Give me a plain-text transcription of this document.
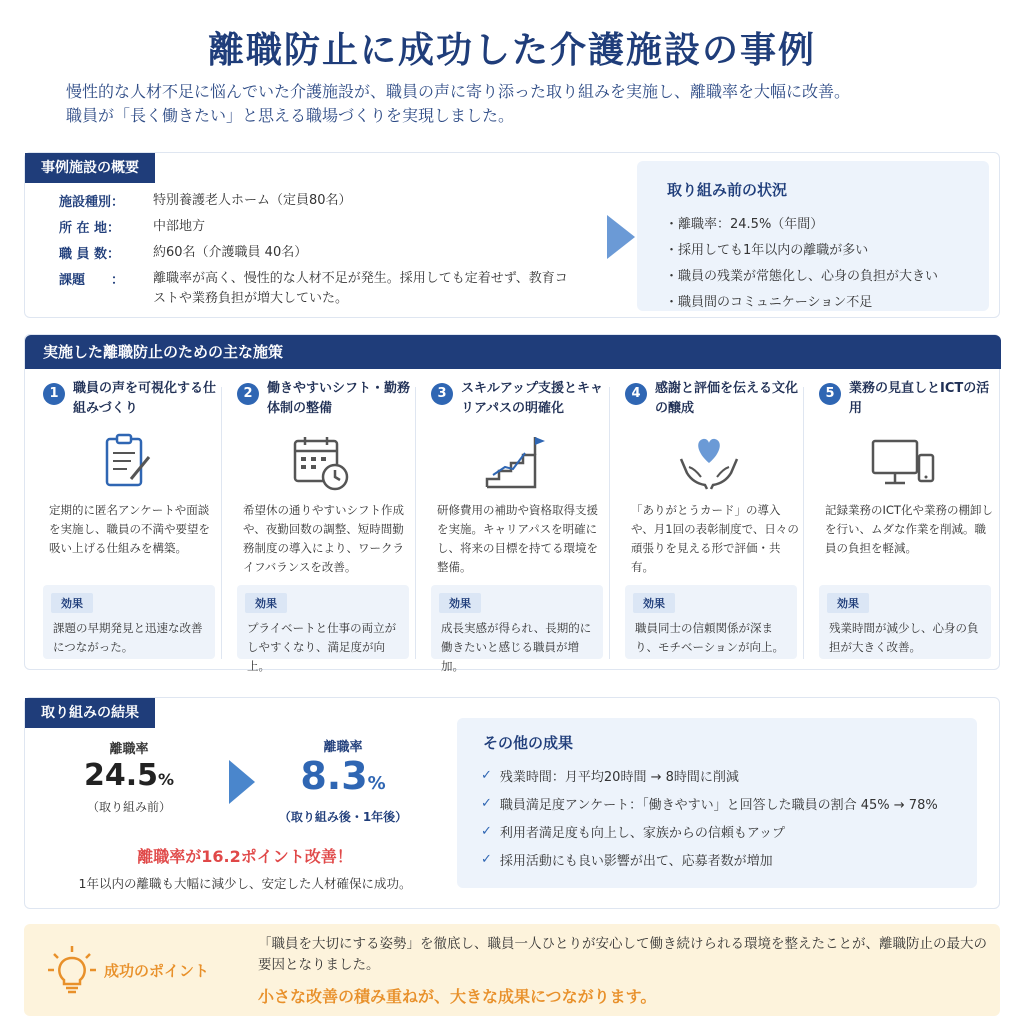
離職防止に成功した介護施設の事例
慢性的な人材不足に悩んでいた介護施設が、職員の声に寄り添った取り組みを実施し、離職率を大幅に改善。
職員が「長く働きたい」と思える職場づくりを実現しました。
事例施設の概要
施設種別：	特別養護老人ホーム（定員80名）
所 在 地：	中部地方
職 員 数：	約60名（介護職員 40名）
課題　　：	離職率が高く、慢性的な人材不足が発生。採用しても定着せず、教育コストや業務負担が増大していた。
取り組み前の状況
・離職率：24.5%（年間）
・採用しても1年以内の離職が多い
・職員の残業が常態化し、心身の負担が大きい
・職員間のコミュニケーション不足
実施した離職防止のための主な施策
1	職員の声を可視化する仕組みづくり
定期的に匿名アンケートや面談を実施し、職員の不満や要望を吸い上げる仕組みを構築。
効果
課題の早期発見と迅速な改善につながった。
2	働きやすいシフト・勤務体制の整備
希望休の通りやすいシフト作成や、夜勤回数の調整、短時間勤務制度の導入により、ワークライフバランスを改善。
効果
プライベートと仕事の両立がしやすくなり、満足度が向上。
3	スキルアップ支援とキャリアパスの明確化
研修費用の補助や資格取得支援を実施。キャリアパスを明確にし、将来の目標を持てる環境を整備。
効果
成長実感が得られ、長期的に働きたいと感じる職員が増加。
4	感謝と評価を伝える文化の醸成
「ありがとうカード」の導入や、月1回の表彰制度で、日々の頑張りを見える形で評価・共有。
効果
職員同士の信頼関係が深まり、モチベーションが向上。
5	業務の見直しとICTの活用
記録業務のICT化や業務の棚卸しを行い、ムダな作業を削減。職員の負担を軽減。
効果
残業時間が減少し、心身の負担が大きく改善。
取り組みの結果
離職率
24.5%
（取り組み前）
離職率
8.3%
（取り組み後・1年後）
離職率が16.2ポイント改善！
1年以内の離職も大幅に減少し、安定した人材確保に成功。
その他の成果
✓ 残業時間：月平均20時間 → 8時間に削減
✓ 職員満足度アンケート：「働きやすい」と回答した職員の割合 45% → 78%
✓ 利用者満足度も向上し、家族からの信頼もアップ
✓ 採用活動にも良い影響が出て、応募者数が増加
成功のポイント
「職員を大切にする姿勢」を徹底し、職員一人ひとりが安心して働き続けられる環境を整えたことが、離職防止の最大の要因となりました。
小さな改善の積み重ねが、大きな成果につながります。
